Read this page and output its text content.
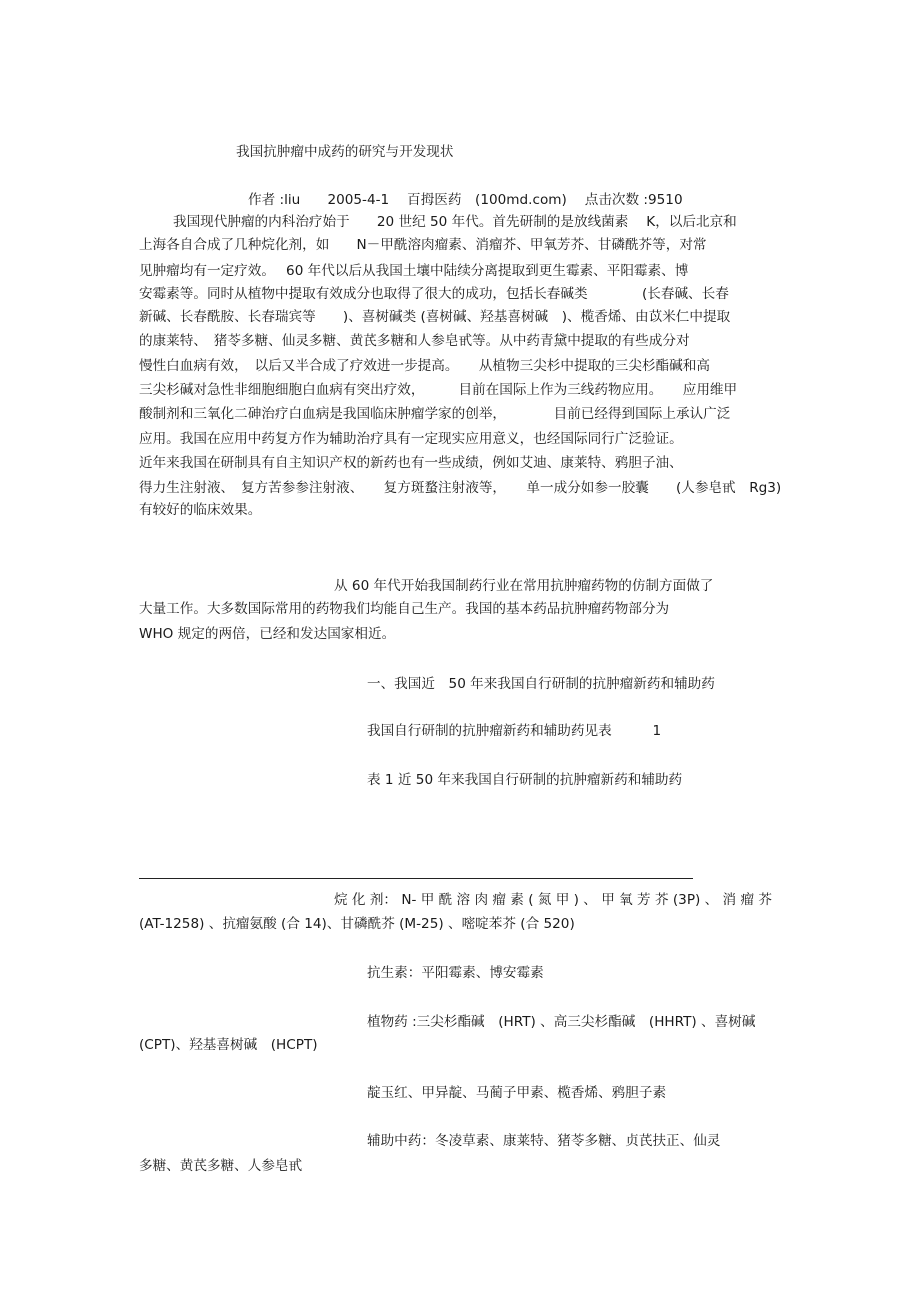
我国抗肿瘤中成药的研究与开发现状
作者 :liu　　2005-4-1　 百拇医药　(100md.com)　 点击次数 :9510
我国现代肿瘤的内科治疗始于　　20 世纪 50 年代。首先研制的是放线菌素　 K，以后北京和
上海各自合成了几种烷化剂，如　　N－甲酰溶肉瘤素、消瘤芥、甲氧芳芥、甘磷酰芥等，对常
见肿瘤均有一定疗效。　 60 年代以后从我国土壤中陆续分离提取到更生霉素、平阳霉素、博
安霉素等。同时从植物中提取有效成分也取得了很大的成功，包括长春碱类　　　　(长春碱、长春
新碱、长春酰胺、长春瑞宾等　　)、喜树碱类 (喜树碱、羟基喜树碱　)、榄香烯、由苡米仁中提取
的康莱特、　猪苓多糖、仙灵多糖、黄芪多糖和人参皂甙等。从中药青黛中提取的有些成分对
慢性白血病有效，　以后又半合成了疗效进一步提高。　　从植物三尖杉中提取的三尖杉酯碱和高
三尖杉碱对急性非细胞细胞白血病有突出疗效，　　　目前在国际上作为三线药物应用。　　应用维甲
酸制剂和三氧化二砷治疗白血病是我国临床肿瘤学家的创举，　　　　目前已经得到国际上承认广泛
应用。我国在应用中药复方作为辅助治疗具有一定现实应用意义，也经国际同行广泛验证。
近年来我国在研制具有自主知识产权的新药也有一些成绩，例如艾迪、康莱特、鸦胆子油、
得力生注射液、　复方苦参参注射液、　　复方斑蝥注射液等，　　单一成分如参一胶囊　　(人参皂甙　Rg3)
有较好的临床效果。
从 60 年代开始我国制药行业在常用抗肿瘤药物的仿制方面做了
大量工作。大多数国际常用的药物我们均能自己生产。我国的基本药品抗肿瘤药物部分为
WHO 规定的两倍，已经和发达国家相近。
一、我国近　50 年来我国自行研制的抗肿瘤新药和辅助药
我国自行研制的抗肿瘤新药和辅助药见表　　　1
表 1 近 50 年来我国自行研制的抗肿瘤新药和辅助药
烷 化 剂： N- 甲 酰 溶 肉 瘤 素 ( 氮 甲 ) 、 甲 氧 芳 芥 (3P) 、 消 瘤 芥
(AT-1258) 、抗瘤氨酸 (合 14)、甘磷酰芥 (M-25) 、嘧啶苯芥 (合 520)
抗生素：平阳霉素、博安霉素
植物药 :三尖杉酯碱　(HRT) 、高三尖杉酯碱　(HHRT) 、喜树碱
(CPT)、羟基喜树碱　(HCPT)
靛玉红、甲异靛、马蔺子甲素、榄香烯、鸦胆子素
辅助中药：冬凌草素、康莱特、猪苓多糖、贞芪扶正、仙灵
多糖、黄芪多糖、人参皂甙
